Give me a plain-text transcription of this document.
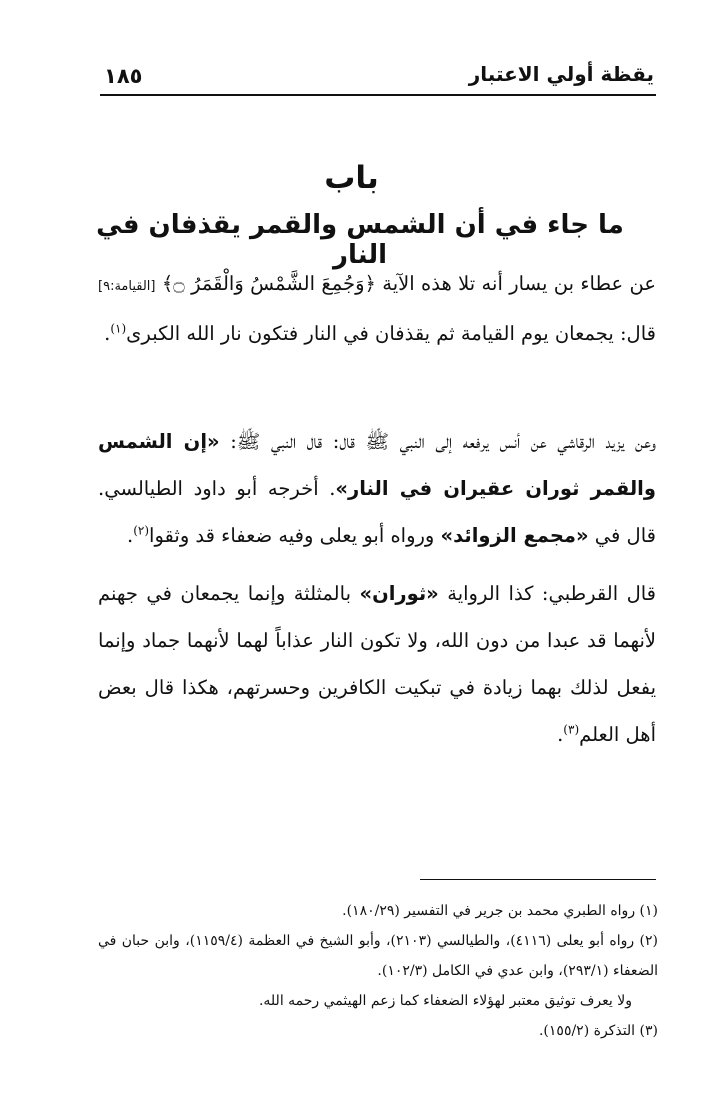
يقظة أولي الاعتبار
١٨٥
باب
ما جاء في أن الشمس والقمر يقذفان في النار
عن عطاء بن يسار أنه تلا هذه الآية ﴿وَجُمِعَ الشَّمْسُ وَالْقَمَرُ ۝﴾ [القيامة:٩] قال: يجمعان يوم القيامة ثم يقذفان في النار فتكون نار الله الكبرى$^{(١)}$.
وعن يزيد الرقاشي عن أنس يرفعه إلى النبي ﷺ قال: قال النبي ﷺ: «إن الشمس والقمر ثوران عقيران في النار». أخرجه أبو داود الطيالسي. قال في «مجمع الزوائد» ورواه أبو يعلى وفيه ضعفاء قد وثقوا$^{(٢)}$.
قال القرطبي: كذا الرواية «ثوران» بالمثلثة وإنما يجمعان في جهنم لأنهما قد عبدا من دون الله، ولا تكون النار عذاباً لهما لأنهما جماد وإنما يفعل لذلك بهما زيادة في تبكيت الكافرين وحسرتهم، هكذا قال بعض أهل العلم$^{(٣)}$.

(١) رواه الطبري محمد بن جرير في التفسير (١٨٠/٢٩).

(٢) رواه أبو يعلى (٤١١٦)، والطيالسي (٢١٠٣)، وأبو الشيخ في العظمة (١١٥٩/٤)، وابن حبان في الضعفاء (٢٩٣/١)، وابن عدي في الكامل (١٠٢/٣).

ولا يعرف توثيق معتبر لهؤلاء الضعفاء كما زعم الهيثمي رحمه الله.

(٣) التذكرة (١٥٥/٢).
